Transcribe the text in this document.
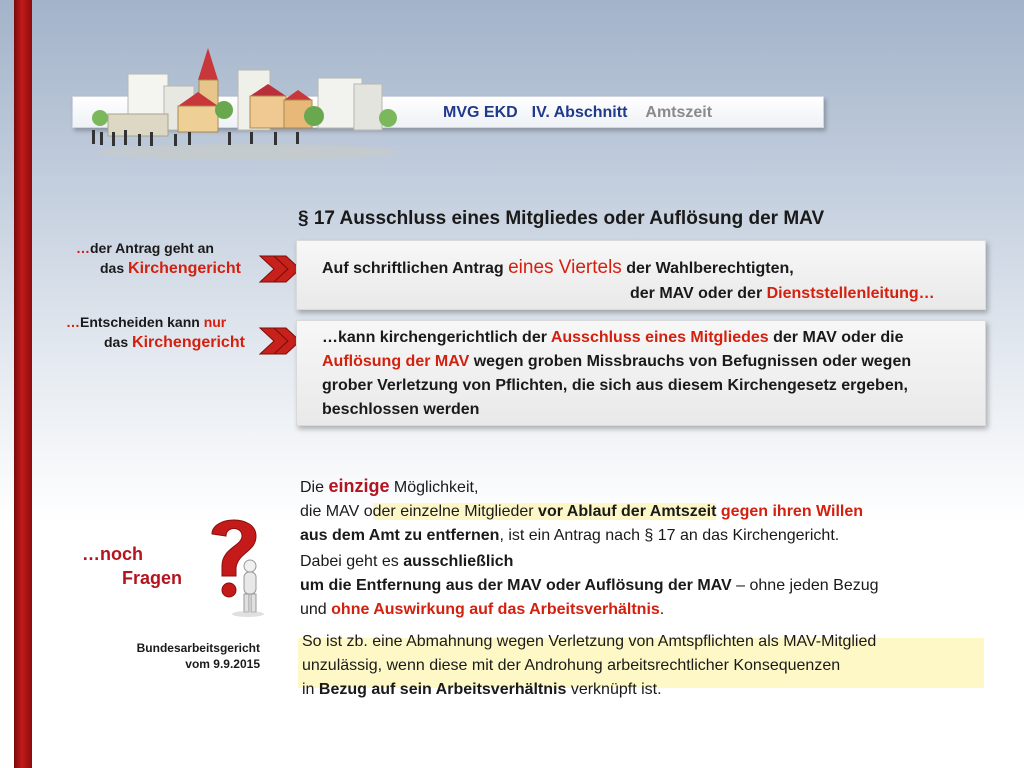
MVG EKD IV. Abschnitt Amtszeit
§ 17 Ausschluss eines Mitgliedes oder Auflösung der MAV
…der Antrag geht an
das Kirchengericht
…Entscheiden kann nur
das Kirchengericht
Auf schriftlichen Antrag eines Viertels der Wahlberechtigten,
der MAV oder der Dienststellenleitung…
…kann kirchengerichtlich der Ausschluss eines Mitgliedes der MAV oder die
Auflösung der MAV wegen groben Missbrauchs von Befugnissen oder wegen
grober Verletzung von Pflichten, die sich aus diesem Kirchengesetz ergeben,
beschlossen werden
Die einzige Möglichkeit,
die MAV oder einzelne Mitglieder vor Ablauf der Amtszeit gegen ihren Willen
aus dem Amt zu entfernen, ist ein Antrag nach § 17 an das Kirchengericht.
Dabei geht es ausschließlich
um die Entfernung aus der MAV oder Auflösung der MAV – ohne jeden Bezug
und ohne Auswirkung auf das Arbeitsverhältnis.
…noch
Fragen
Bundesarbeitsgericht
vom 9.9.2015
So ist zb. eine Abmahnung wegen Verletzung von Amtspflichten als MAV-Mitglied
unzulässig, wenn diese mit der Androhung arbeitsrechtlicher Konsequenzen
in Bezug auf sein Arbeitsverhältnis verknüpft ist.
